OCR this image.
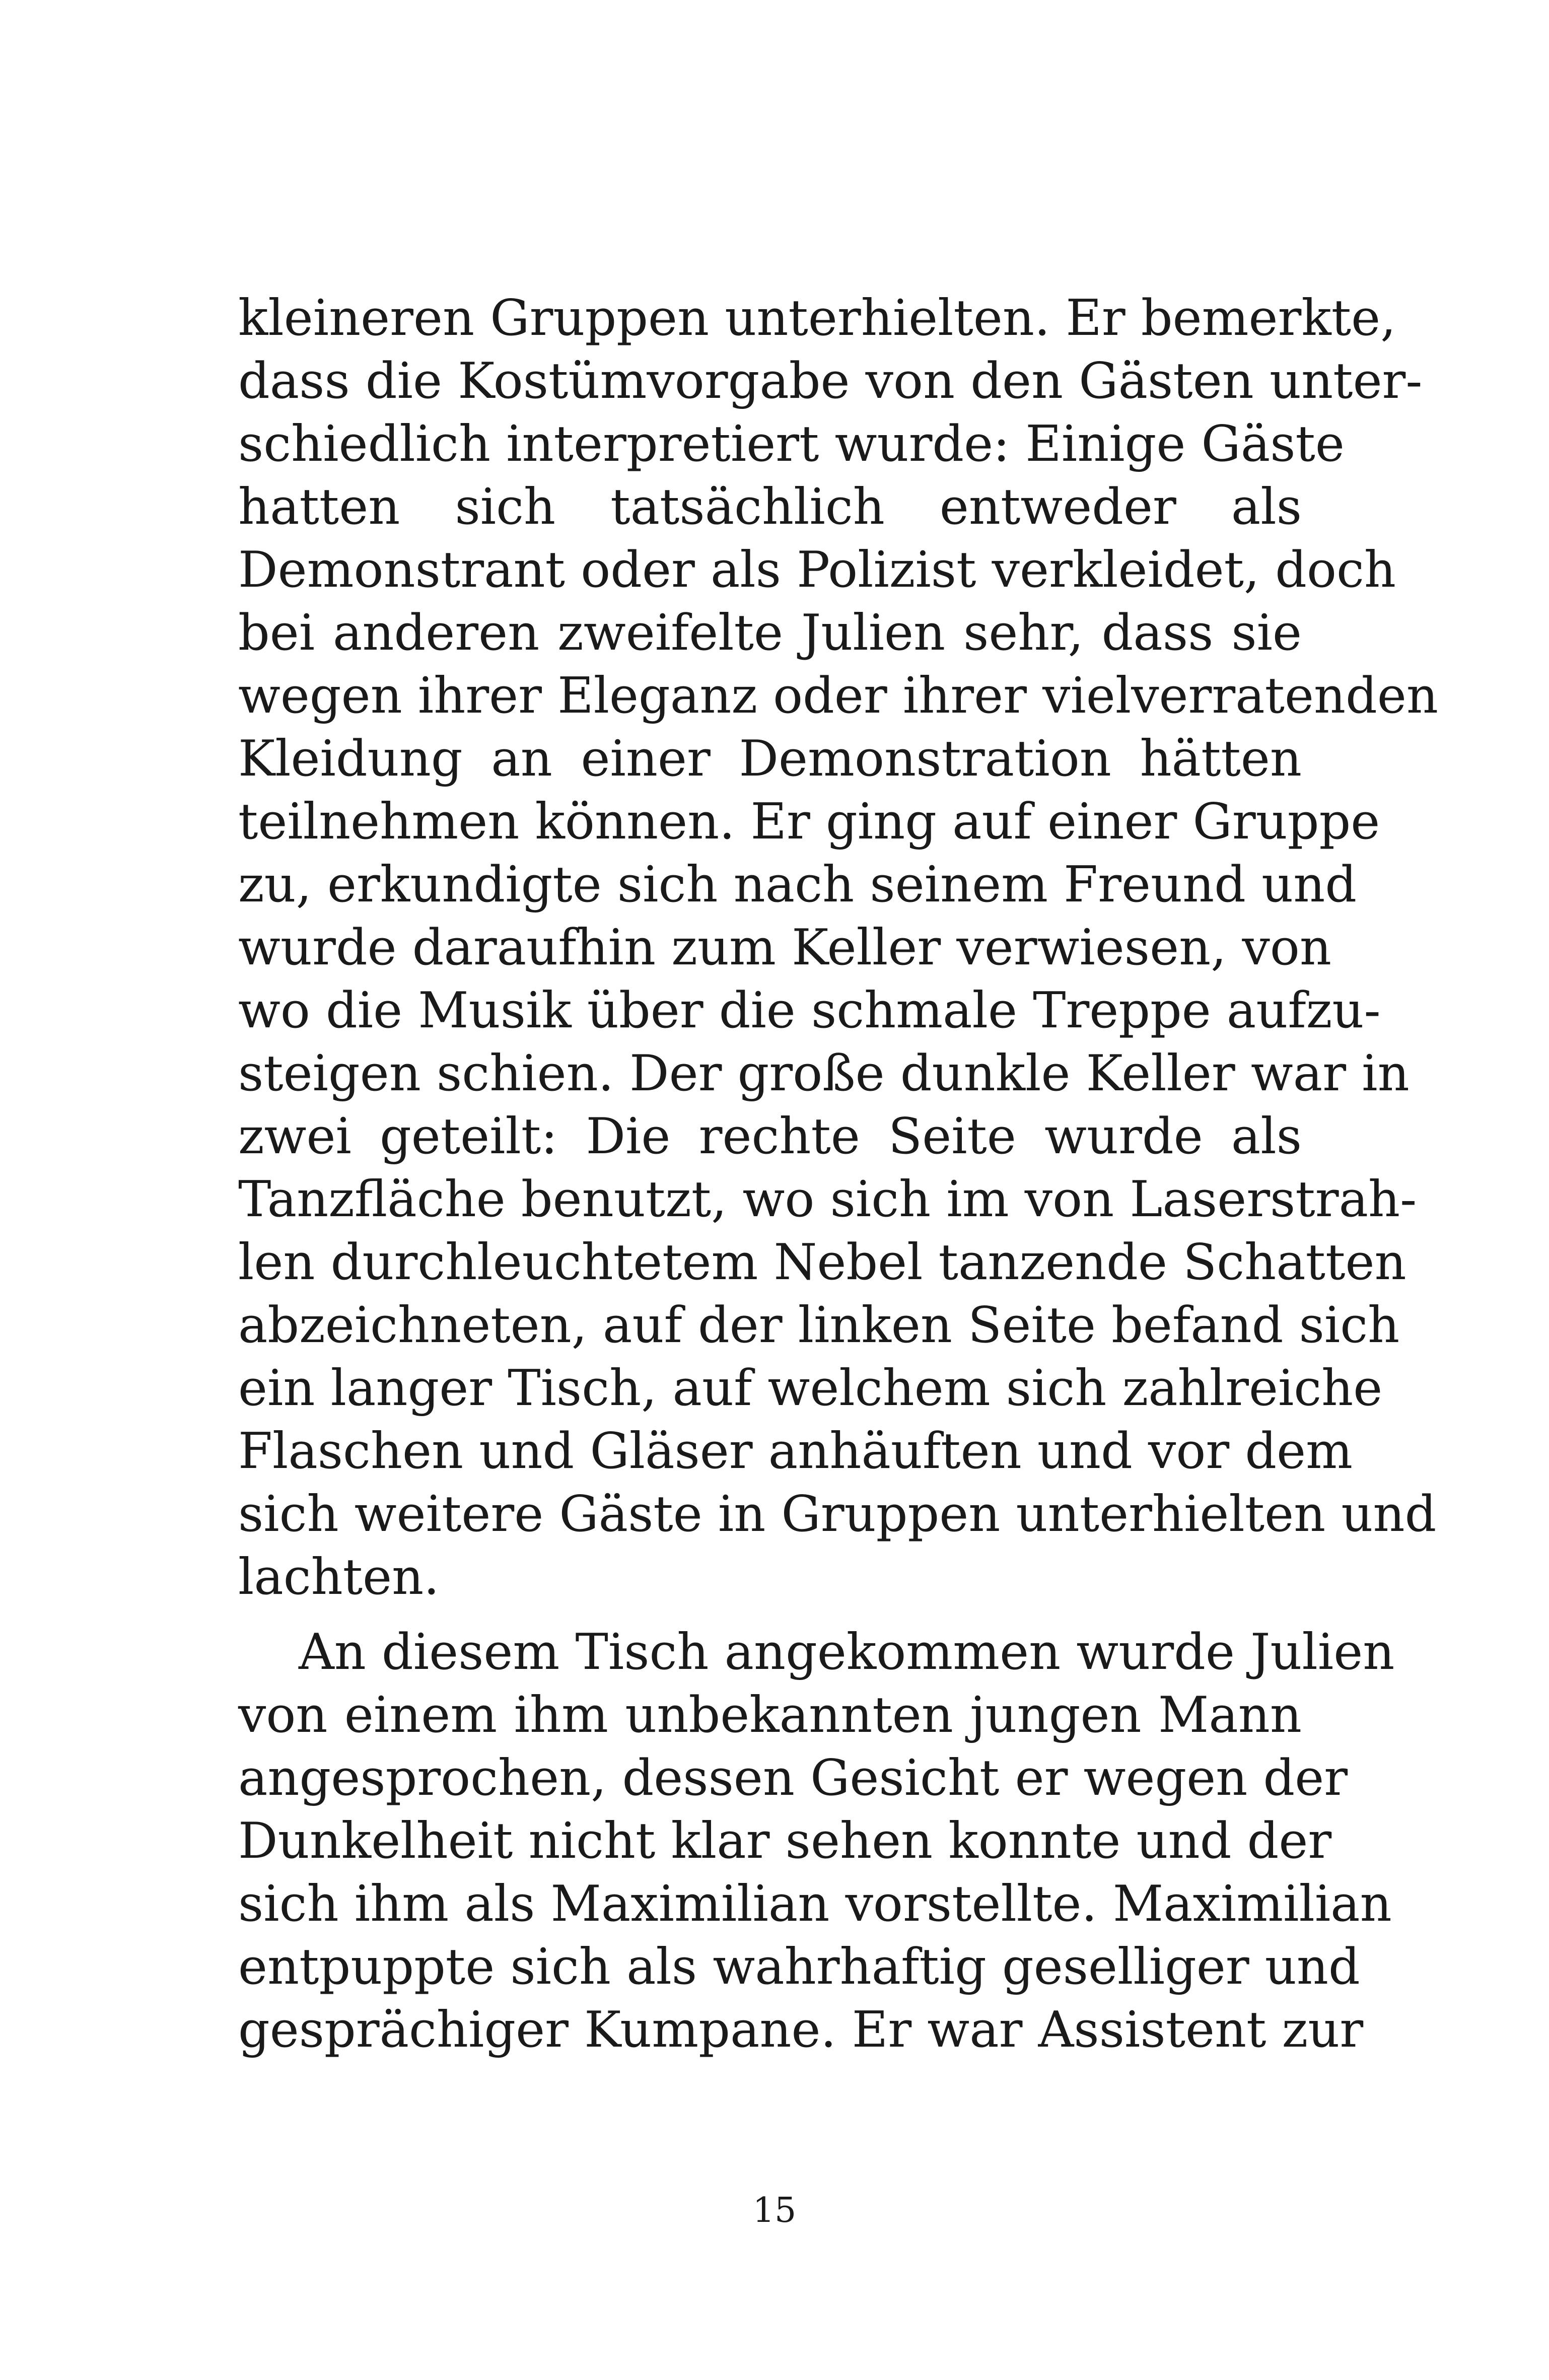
kleineren Gruppen unterhielten. Er bemerkte,
dass die Kostümvorgabe von den Gästen unter-
schiedlich interpretiert wurde: Einige Gäste
hatten sich tatsächlich entweder als
Demonstrant oder als Polizist verkleidet, doch
bei anderen zweifelte Julien sehr, dass sie
wegen ihrer Eleganz oder ihrer vielverratenden
Kleidung an einer Demonstration hätten
teilnehmen können. Er ging auf einer Gruppe
zu, erkundigte sich nach seinem Freund und
wurde daraufhin zum Keller verwiesen, von
wo die Musik über die schmale Treppe aufzu-
steigen schien. Der große dunkle Keller war in
zwei geteilt: Die rechte Seite wurde als
Tanzfläche benutzt, wo sich im von Laserstrah-
len durchleuchtetem Nebel tanzende Schatten
abzeichneten, auf der linken Seite befand sich
ein langer Tisch, auf welchem sich zahlreiche
Flaschen und Gläser anhäuften und vor dem
sich weitere Gäste in Gruppen unterhielten und
lachten.
An diesem Tisch angekommen wurde Julien
von einem ihm unbekannten jungen Mann
angesprochen, dessen Gesicht er wegen der
Dunkelheit nicht klar sehen konnte und der
sich ihm als Maximilian vorstellte. Maximilian
entpuppte sich als wahrhaftig geselliger und
gesprächiger Kumpane. Er war Assistent zur
15
